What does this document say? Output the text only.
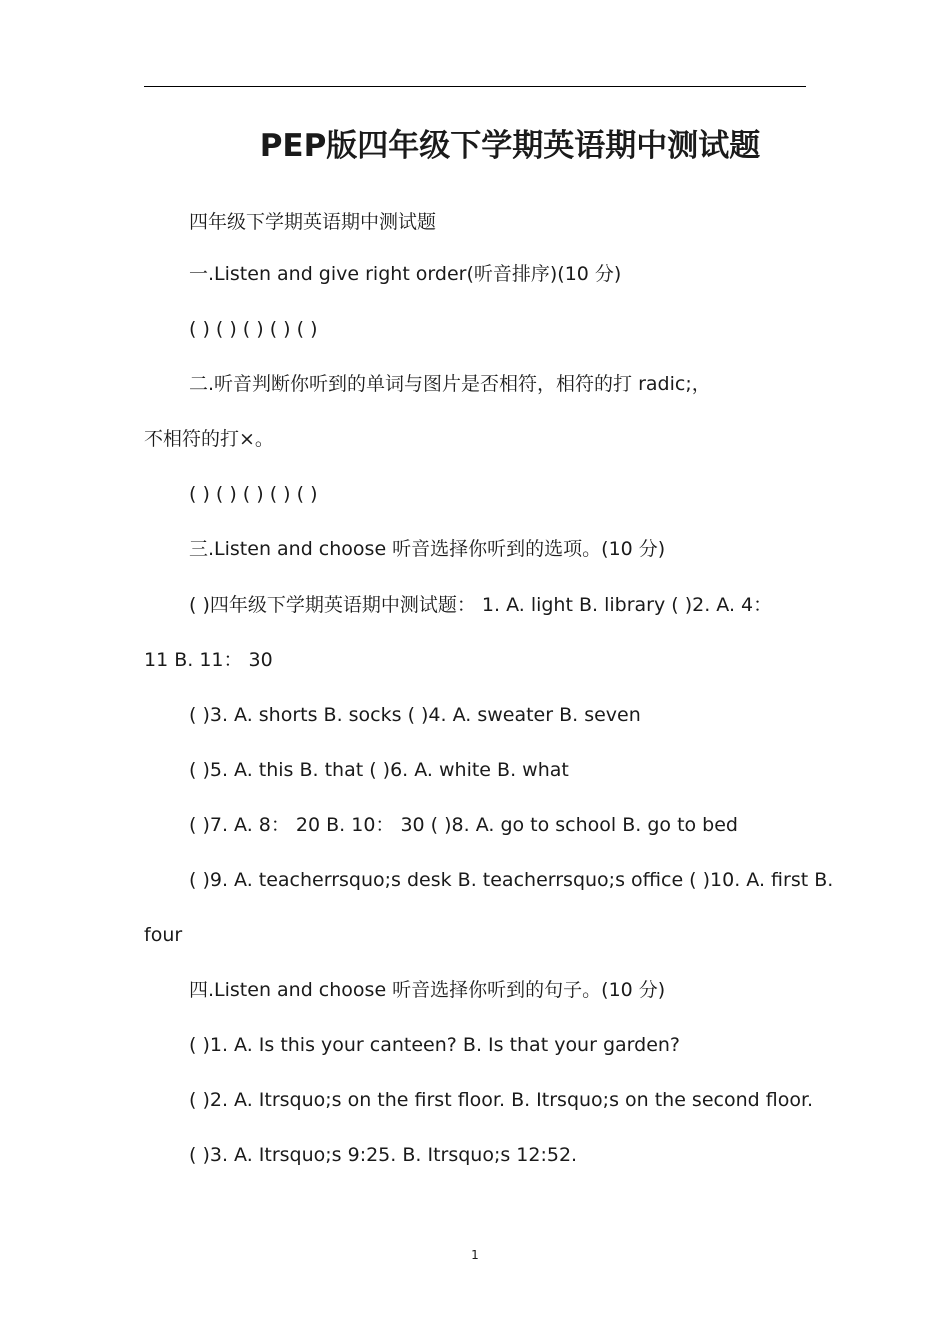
PEP版四年级下学期英语期中测试题
四年级下学期英语期中测试题
一.Listen and give right order(听音排序)(10 分)
( ) ( ) ( ) ( ) ( )
二.听音判断你听到的单词与图片是否相符，相符的打 radic;，
不相符的打×。
( ) ( ) ( ) ( ) ( )
三.Listen and choose 听音选择你听到的选项。(10 分)
( )四年级下学期英语期中测试题： 1. A. light B. library ( )2. A. 4：
11 B. 11： 30
( )3. A. shorts B. socks ( )4. A. sweater B. seven
( )5. A. this B. that ( )6. A. white B. what
( )7. A. 8： 20 B. 10： 30 ( )8. A. go to school B. go to bed
( )9. A. teacherrsquo;s desk B. teacherrsquo;s office ( )10. A. first B.
four
四.Listen and choose 听音选择你听到的句子。(10 分)
( )1. A. Is this your canteen? B. Is that your garden?
( )2. A. Itrsquo;s on the first floor. B. Itrsquo;s on the second floor.
( )3. A. Itrsquo;s 9:25. B. Itrsquo;s 12:52.
1
